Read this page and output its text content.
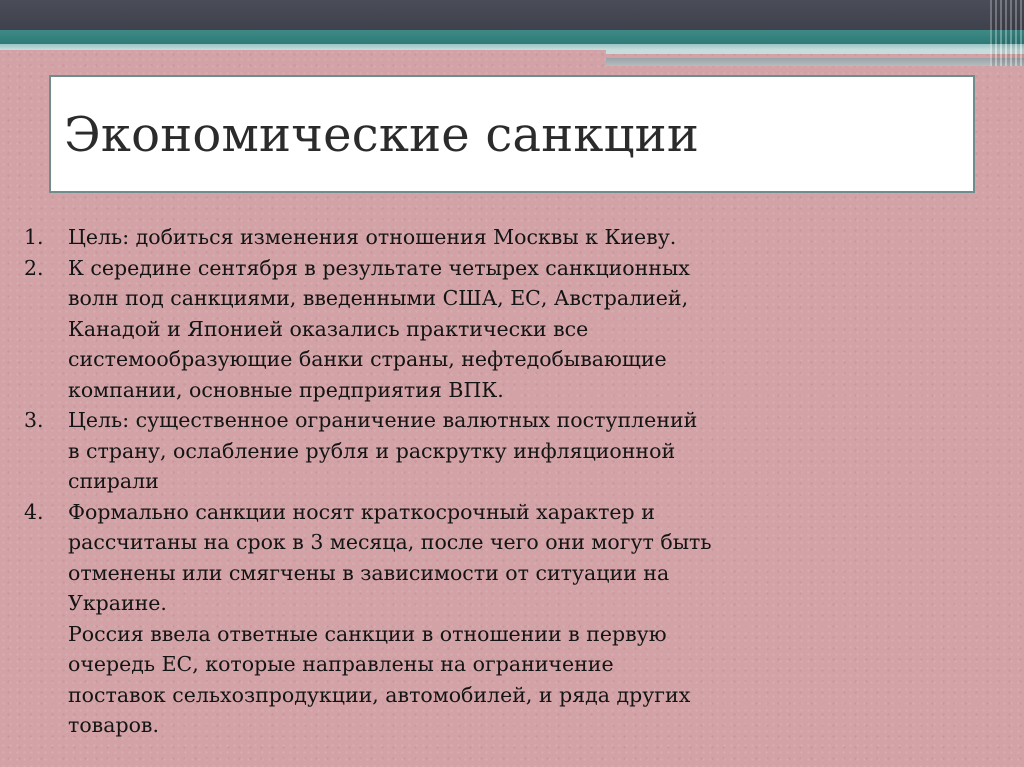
Экономические санкции
1. Цель: добиться изменения отношения Москвы к Киеву.
2. К середине сентября в результате четырех санкционных
волн под санкциями, введенными США, ЕС, Австралией,
Канадой и Японией оказались практически все
системообразующие банки страны, нефтедобывающие
компании, основные предприятия ВПК.
3. Цель: существенное ограничение валютных поступлений
в страну, ослабление рубля и раскрутку инфляционной
спирали
4. Формально санкции носят краткосрочный характер и
рассчитаны на срок в 3 месяца, после чего они могут быть
отменены или смягчены в зависимости от ситуации на
Украине.
Россия ввела ответные санкции в отношении в первую
очередь ЕС, которые направлены на ограничение
поставок сельхозпродукции, автомобилей, и ряда других
товаров.
